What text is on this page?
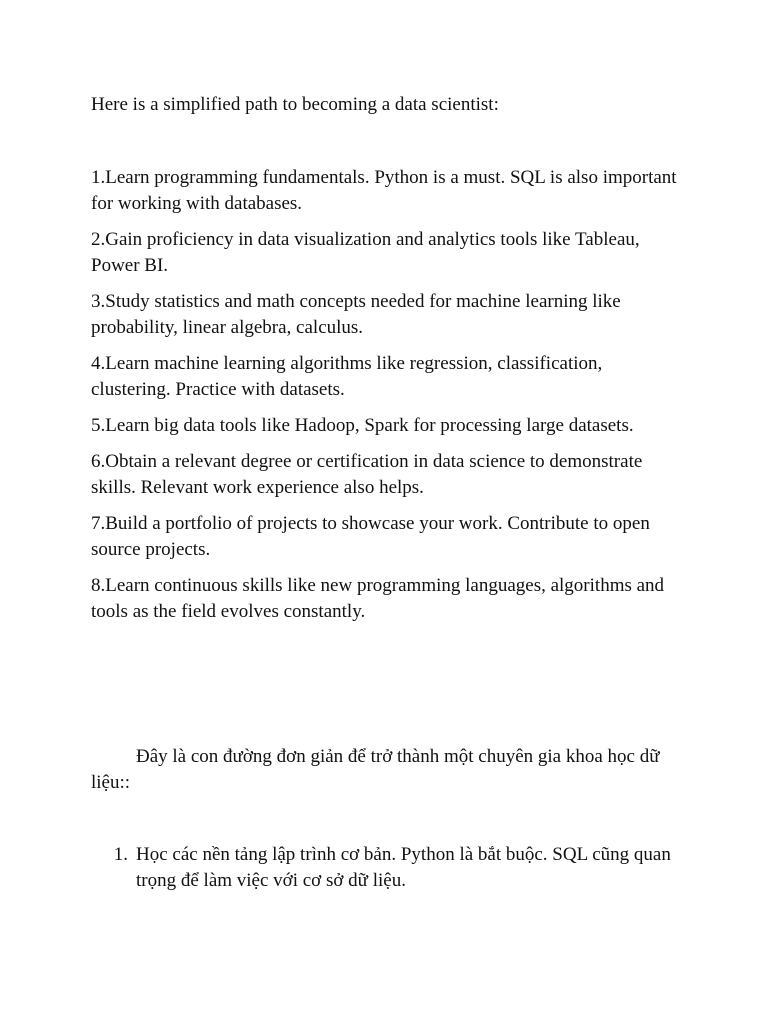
Here is a simplified path to becoming a data scientist:

1.Learn programming fundamentals. Python is a must. SQL is also important for working with databases.

2.Gain proficiency in data visualization and analytics tools like Tableau, Power BI.

3.Study statistics and math concepts needed for machine learning like probability, linear algebra, calculus.

4.Learn machine learning algorithms like regression, classification, clustering. Practice with datasets.

5.Learn big data tools like Hadoop, Spark for processing large datasets.

6.Obtain a relevant degree or certification in data science to demonstrate skills. Relevant work experience also helps.

7.Build a portfolio of projects to showcase your work. Contribute to open source projects.

8.Learn continuous skills like new programming languages, algorithms and tools as the field evolves constantly.

Đây là con đường đơn giản để trở thành một chuyên gia khoa học dữ liệu::

1. Học các nền tảng lập trình cơ bản. Python là bắt buộc. SQL cũng quan trọng để làm việc với cơ sở dữ liệu.
